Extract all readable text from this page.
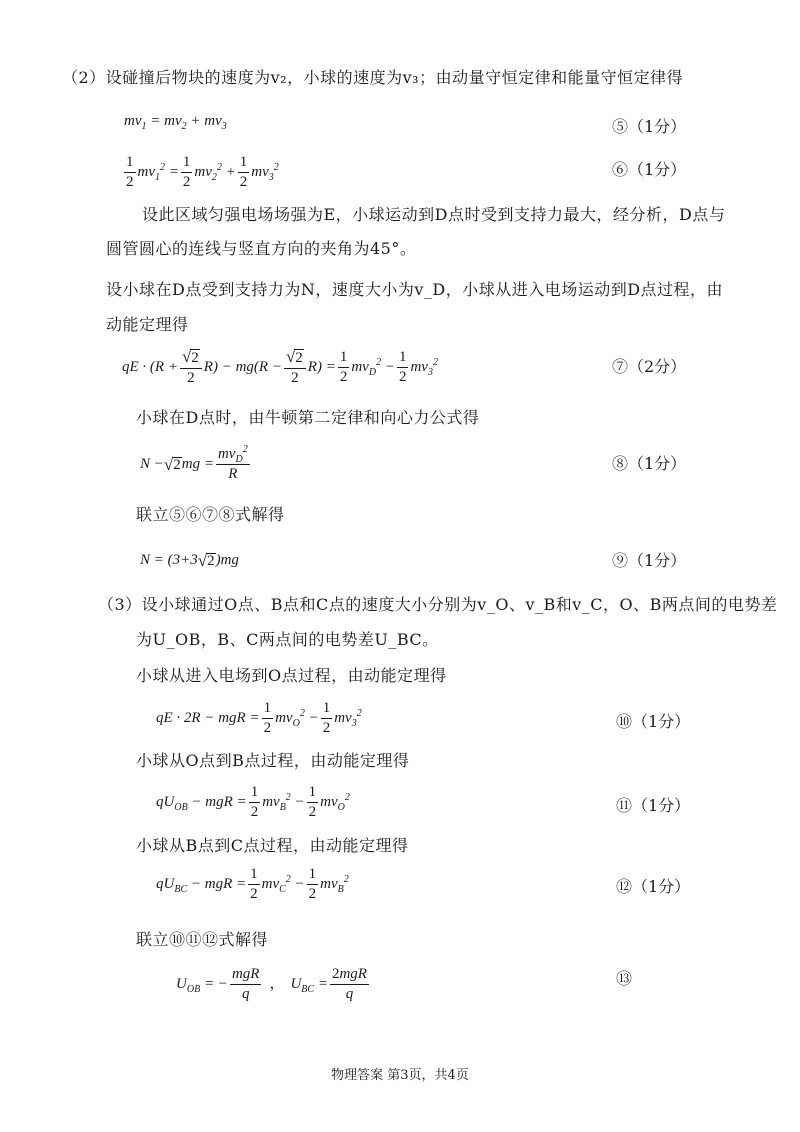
（2）设碰撞后物块的速度为v₂，小球的速度为v₃；由动量守恒定律和能量守恒定律得
$mv_1 = mv_2 + mv_3$	⑤（1分）
$\frac{1}{2} mv_1^2 = \frac{1}{2} mv_2^2 + \frac{1}{2} mv_3^2$	⑥（1分）
设此区域匀强电场场强为E，小球运动到D点时受到支持力最大，经分析，D点与
圆管圆心的连线与竖直方向的夹角为45°。
设小球在D点受到支持力为N，速度大小为v_D，小球从进入电场运动到D点过程，由
动能定理得
qE · $(R + \frac{√ 2}{2} R) - mg(R - \frac{√ 2}{2} R) = \frac{1}{2} mv_D^2 - \frac{1}{2} mv_3^2$	⑦（2分）
小球在D点时，由牛顿第二定律和向心力公式得
N − √ 2 mg = $\frac{mv_D^2}{R}$	⑧（1分）
联立⑤⑥⑦⑧式解得
N = (3+3 √ 2 )mg	⑨（1分）
（3）设小球通过O点、B点和C点的速度大小分别为v_O、v_B和v_C，O、B两点间的电势差
为U_OB，B、C两点间的电势差U_BC。
小球从进入电场到O点过程，由动能定理得
qE · 2R − mgR = $\frac{1}{2} mv_O^2 - \frac{1}{2} mv_3^2$	⑩（1分）
小球从O点到B点过程，由动能定理得
$qU_{OB}$ − mgR = $\frac{1}{2} mv_B^2 - \frac{1}{2} mv_O^2$	⑪（1分）
小球从B点到C点过程，由动能定理得
$qU_{BC}$ − mgR = $\frac{1}{2} mv_C^2 - \frac{1}{2} mv_B^2$	⑫（1分）
联立⑩⑪⑫式解得
$U_{OB}$ = − $\frac{\text{mgR}}{q}$ ， $U_{BC} = \frac{\text{2mgR}}{q}$	⑬
物理答案 第3页，共4页
